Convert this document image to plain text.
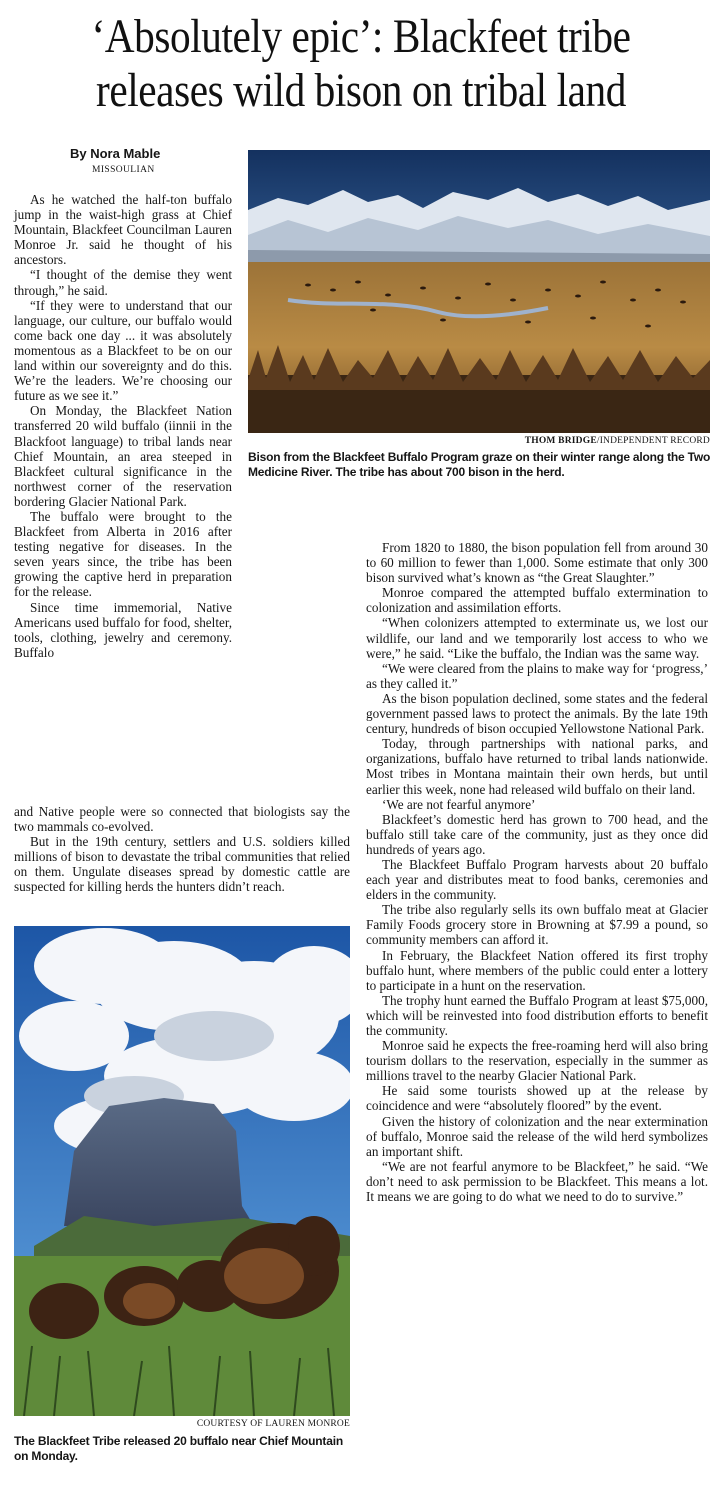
‘Absolutely epic’: Blackfeet tribe
releases wild bison on tribal land
By Nora Mable
MISSOULIAN

As he watched the half-ton buffalo jump in the waist-high grass at Chief Mountain, Blackfeet Councilman Lauren Monroe Jr. said he thought of his ancestors.

“I thought of the demise they went through,” he said.

“If they were to understand that our language, our culture, our buffalo would come back one day ... it was absolutely momentous as a Blackfeet to be on our land within our sovereignty and do this. We’re the leaders. We’re choosing our future as we see it.”

On Monday, the Blackfeet Nation transferred 20 wild buffalo (iinnii in the Blackfoot language) to tribal lands near Chief Mountain, an area steeped in Blackfeet cultural significance in the northwest corner of the reservation bordering Glacier National Park.

The buffalo were brought to the Blackfeet from Alberta in 2016 after testing negative for diseases. In the seven years since, the tribe has been growing the captive herd in preparation for the release.

Since time immemorial, Native Americans used buffalo for food, shelter, tools, clothing, jewelry and ceremony. Buffalo

and Native people were so connected that biologists say the two mammals co-evolved.

But in the 19th century, settlers and U.S. soldiers killed millions of bison to devastate the tribal communities that relied on them. Ungulate diseases spread by domestic cattle are suspected for killing herds the hunters didn’t reach.

THOM BRIDGE/INDEPENDENT RECORD
Bison from the Blackfeet Buffalo Program graze on their winter range along the Two Medicine River. The tribe has about 700 bison in the herd.

From 1820 to 1880, the bison population fell from around 30 to 60 million to fewer than 1,000. Some estimate that only 300 bison survived what’s known as “the Great Slaughter.”

Monroe compared the attempted buffalo extermination to colonization and assimilation efforts.

“When colonizers attempted to exterminate us, we lost our wildlife, our land and we temporarily lost access to who we were,” he said. “Like the buffalo, the Indian was the same way.

“We were cleared from the plains to make way for ‘progress,’ as they called it.”

As the bison population declined, some states and the federal government passed laws to protect the animals. By the late 19th century, hundreds of bison occupied Yellowstone National Park.

Today, through partnerships with national parks, and organizations, buffalo have returned to tribal lands nationwide. Most tribes in Montana maintain their own herds, but until earlier this week, none had released wild buffalo on their land.

‘We are not fearful anymore’

Blackfeet’s domestic herd has grown to 700 head, and the buffalo still take care of the community, just as they once did hundreds of years ago.

The Blackfeet Buffalo Program harvests about 20 buffalo each year and distributes meat to food banks, ceremonies and elders in the community.

The tribe also regularly sells its own buffalo meat at Glacier Family Foods grocery store in Browning at $7.99 a pound, so community members can afford it.

In February, the Blackfeet Nation offered its first trophy buffalo hunt, where members of the public could enter a lottery to participate in a hunt on the reservation.

The trophy hunt earned the Buffalo Program at least $75,000, which will be reinvested into food distribution efforts to benefit the community.

Monroe said he expects the free-roaming herd will also bring tourism dollars to the reservation, especially in the summer as millions travel to the nearby Glacier National Park.

He said some tourists showed up at the release by coincidence and were “absolutely floored” by the event.

Given the history of colonization and the near extermination of buffalo, Monroe said the release of the wild herd symbolizes an important shift.

“We are not fearful anymore to be Blackfeet,” he said. “We don’t need to ask permission to be Blackfeet. This means a lot. It means we are going to do what we need to do to survive.”

COURTESY OF LAUREN MONROE
The Blackfeet Tribe released 20 buffalo near Chief Mountain on Monday.
